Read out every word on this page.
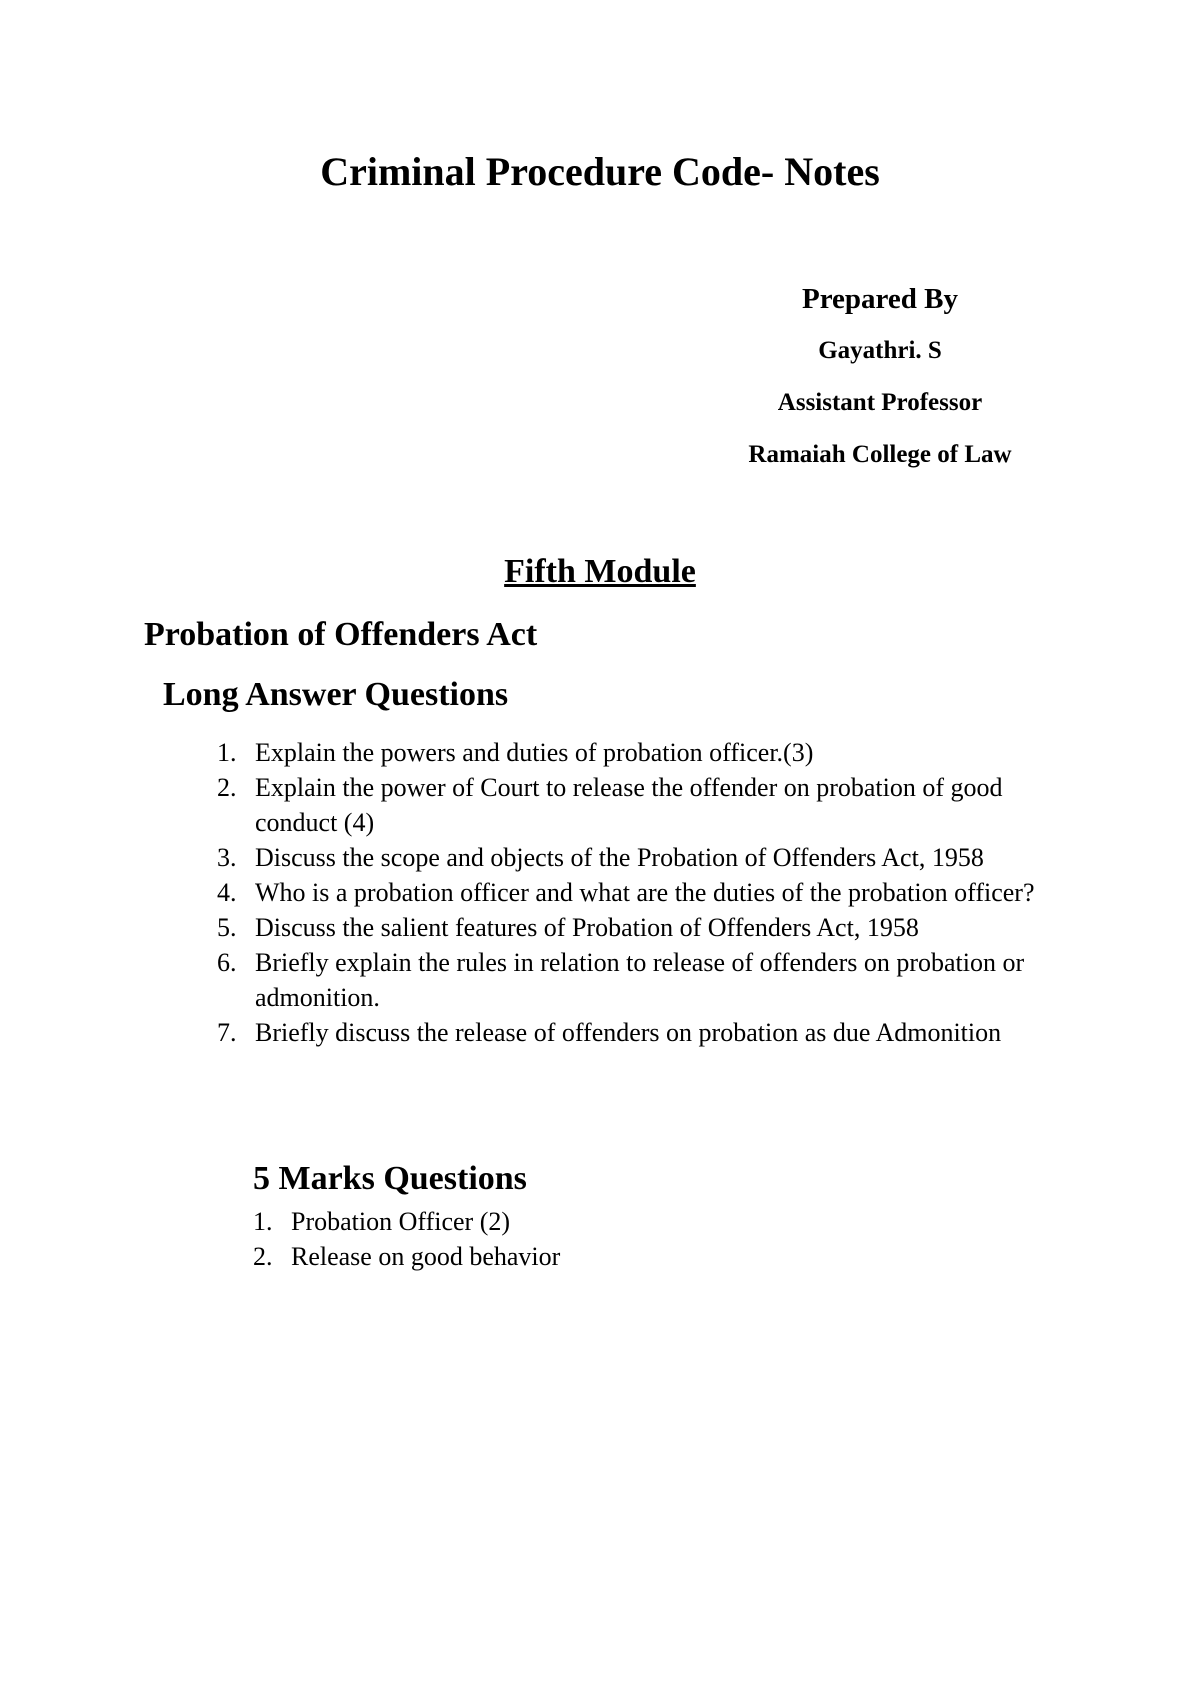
Criminal Procedure Code- Notes

Prepared By

Gayathri. S

Assistant Professor

Ramaiah College of Law

Fifth Module
Probation of Offenders Act
Long Answer Questions
1. Explain the powers and duties of probation officer.(3)
2. Explain the power of Court to release the offender on probation of good conduct (4)
3. Discuss the scope and objects of the Probation of Offenders Act, 1958
4. Who is a probation officer and what are the duties of the probation officer?
5. Discuss the salient features of Probation of Offenders Act, 1958
6. Briefly explain the rules in relation to release of offenders on probation or admonition.
7. Briefly discuss the release of offenders on probation as due Admonition
5 Marks Questions
1. Probation Officer (2)
2. Release on good behavior
